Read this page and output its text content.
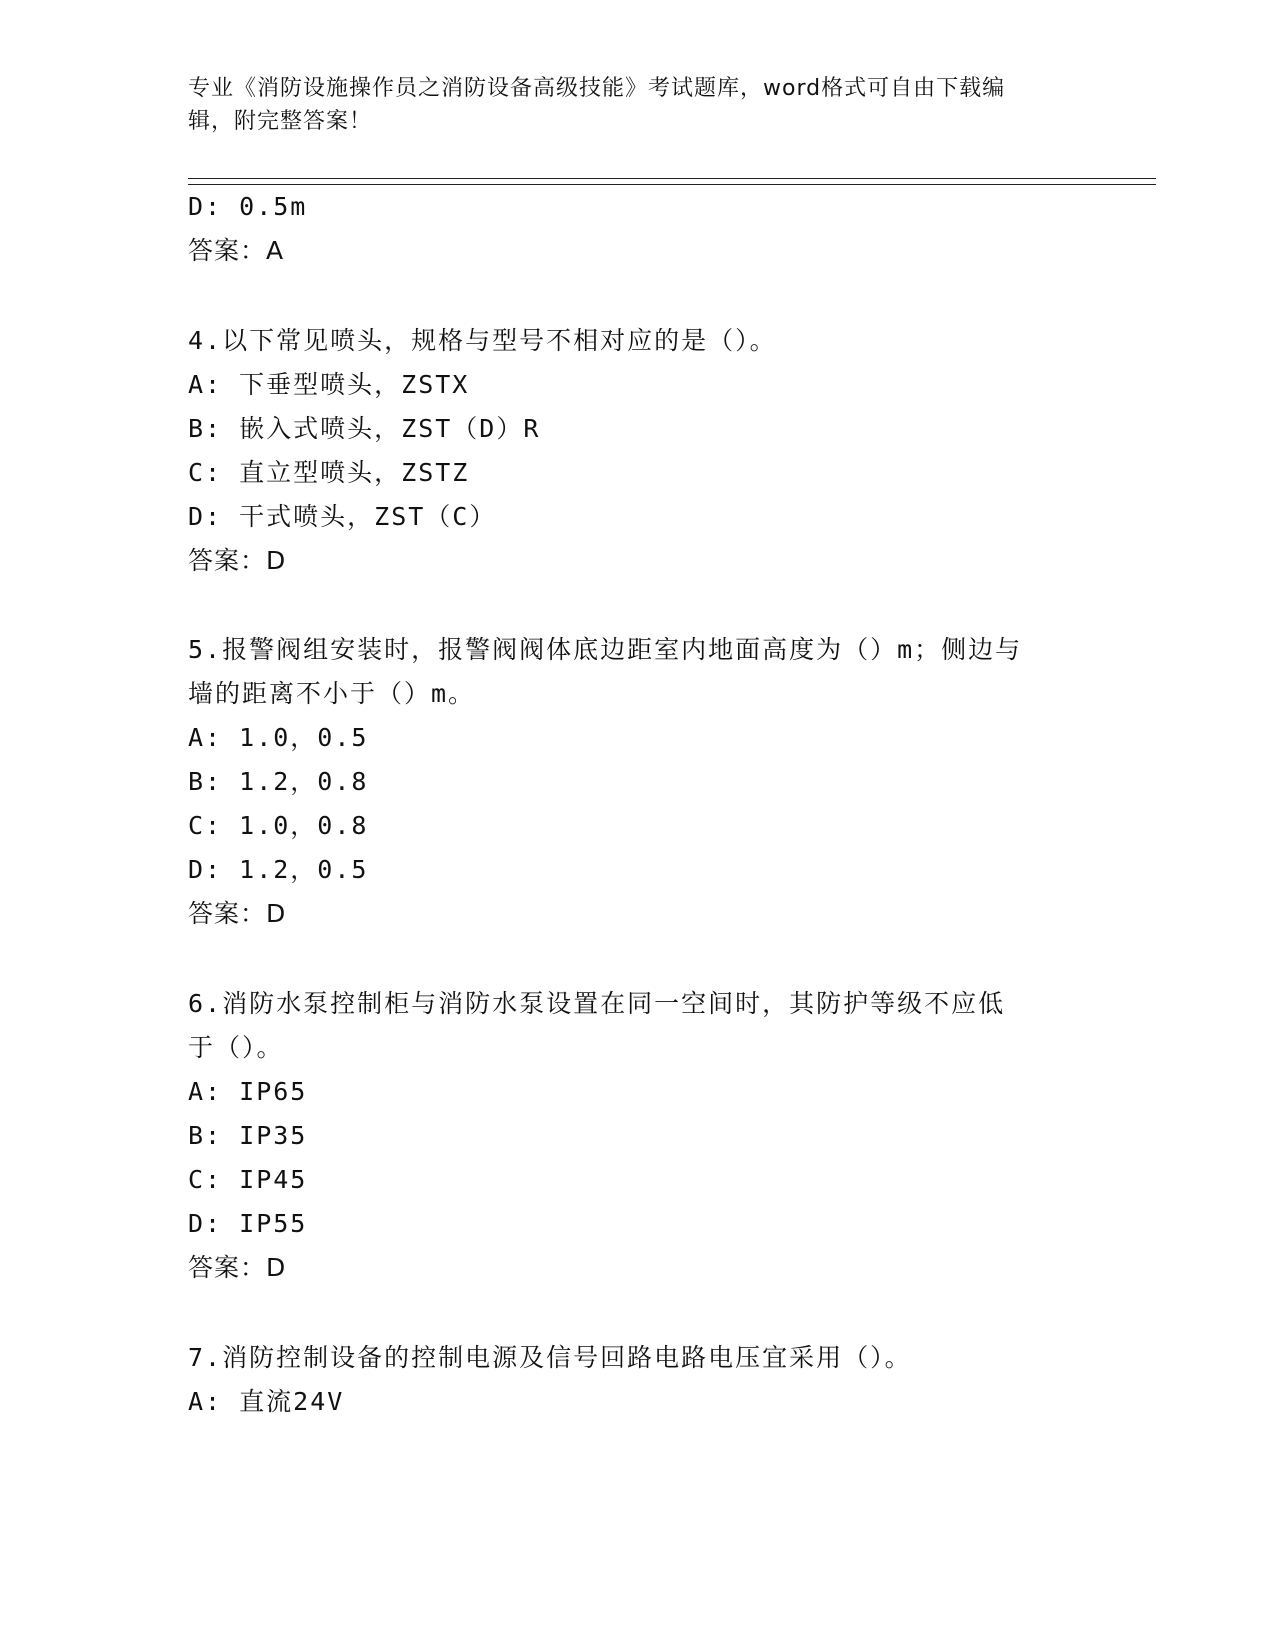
专业《消防设施操作员之消防设备高级技能》考试题库，word格式可自由下载编
辑，附完整答案！
D: 0.5m
答案：A
4.以下常见喷头，规格与型号不相对应的是（）。
A: 下垂型喷头，ZSTX
B: 嵌入式喷头，ZST（D）R
C: 直立型喷头，ZSTZ
D: 干式喷头，ZST（C）
答案：D
5.报警阀组安装时，报警阀阀体底边距室内地面高度为（）m；侧边与
墙的距离不小于（）m。
A: 1.0，0.5
B: 1.2，0.8
C: 1.0，0.8
D: 1.2，0.5
答案：D
6.消防水泵控制柜与消防水泵设置在同一空间时，其防护等级不应低
于（）。
A: IP65
B: IP35
C: IP45
D: IP55
答案：D
7.消防控制设备的控制电源及信号回路电路电压宜采用（）。
A: 直流24V
